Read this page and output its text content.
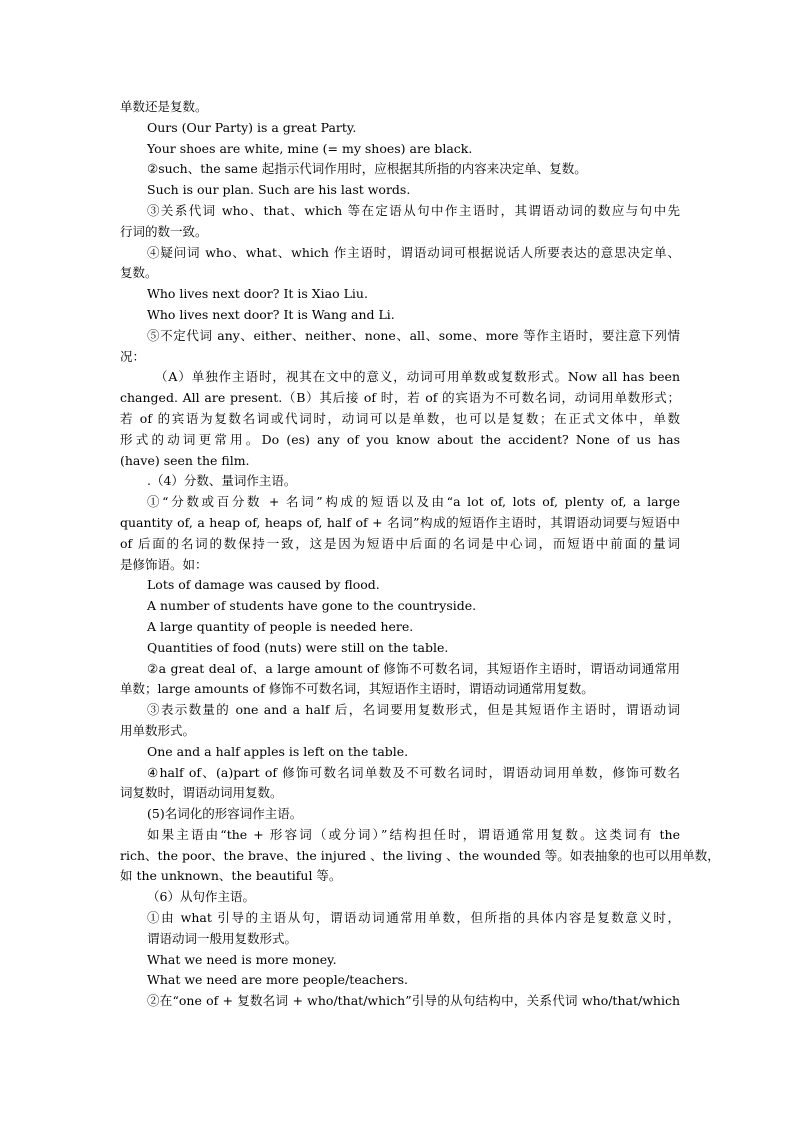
单数还是复数。
Ours (Our Party) is a great Party.
Your shoes are white, mine (= my shoes) are black.
②such、the same 起指示代词作用时，应根据其所指的内容来决定单、复数。
Such is our plan. Such are his last words.
③关系代词 who、that、which 等在定语从句中作主语时，其谓语动词的数应与句中先
行词的数一致。
④疑问词 who、what、which 作主语时，谓语动词可根据说话人所要表达的意思决定单、
复数。
Who lives next door? It is Xiao Liu.
Who lives next door? It is Wang and Li.
⑤不定代词 any、either、neither、none、all、some、more 等作主语时，要注意下列情
况：
（A）单独作主语时，视其在文中的意义，动词可用单数或复数形式。Now all has been
changed. All are present.（B）其后接 of 时，若 of 的宾语为不可数名词，动词用单数形式；
若 of 的宾语为复数名词或代词时，动词可以是单数，也可以是复数；在正式文体中，单数
形式的动词更常用。Do (es) any of you know about the accident? None of us has
(have) seen the film.
.（4）分数、量词作主语。
①“分数或百分数 + 名词”构成的短语以及由“a lot of, lots of, plenty of, a large
quantity of, a heap of, heaps of, half of + 名词”构成的短语作主语时，其谓语动词要与短语中
of 后面的名词的数保持一致，这是因为短语中后面的名词是中心词，而短语中前面的量词
是修饰语。如：
Lots of damage was caused by flood.
A number of students have gone to the countryside.
A large quantity of people is needed here.
Quantities of food (nuts) were still on the table.
②a great deal of、a large amount of 修饰不可数名词，其短语作主语时，谓语动词通常用
单数；large amounts of 修饰不可数名词，其短语作主语时，谓语动词通常用复数。
③表示数量的 one and a half 后，名词要用复数形式，但是其短语作主语时，谓语动词
用单数形式。
One and a half apples is left on the table.
④half of、(a)part of 修饰可数名词单数及不可数名词时，谓语动词用单数，修饰可数名
词复数时，谓语动词用复数。
(5)名词化的形容词作主语。
如果主语由“the + 形容词（或分词）”结构担任时，谓语通常用复数。这类词有 the
rich、the poor、the brave、the injured 、the living 、the wounded 等。如表抽象的也可以用单数，
如 the unknown、the beautiful 等。
（6）从句作主语。
①由 what 引导的主语从句，谓语动词通常用单数，但所指的具体内容是复数意义时，
谓语动词一般用复数形式。
What we need is more money.
What we need are more people/teachers.
②在“one of + 复数名词 + who/that/which”引导的从句结构中，关系代词 who/that/which
